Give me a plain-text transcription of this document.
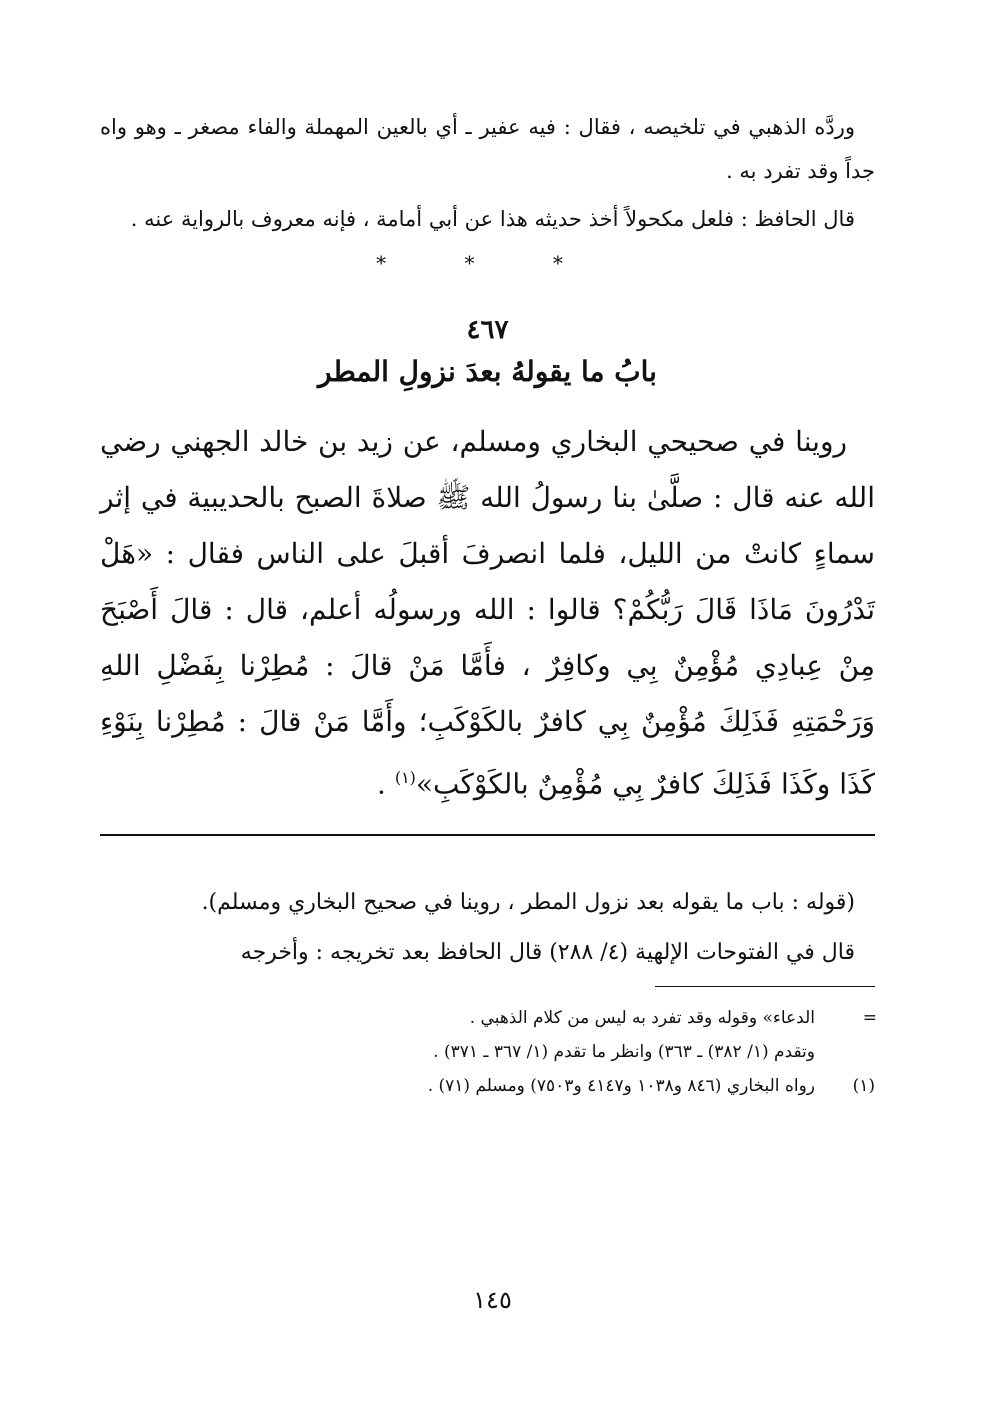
وردَّه الذهبي في تلخيصه ، فقال : فيه عفير ـ أي بالعين المهملة والفاء مصغر ـ وهو واه جداً وقد تفرد به .

قال الحافظ : فلعل مكحولاً أخذ حديثه هذا عن أبي أمامة ، فإنه معروف بالرواية عنه .

* * *
٤٦٧
بابُ ما يقولهُ بعدَ نزولِ المطر

روينا في صحيحي البخاري ومسلم، عن زيد بن خالد الجهني رضي الله عنه قال : صلَّىٰ بنا رسولُ الله ﷺ صلاةَ الصبح بالحديبية في إثر سماءٍ كانتْ من الليل، فلما انصرفَ أقبلَ على الناس فقال : «هَلْ تَدْرُونَ مَاذَا قَالَ رَبُّكُمْ؟ قالوا : الله ورسولُه أعلم، قال : قالَ أَصْبَحَ مِنْ عِبادِي مُؤْمِنٌ بِي وكافِرٌ ، فأَمَّا مَنْ قالَ : مُطِرْنا بِفَضْلِ اللهِ وَرَحْمَتِهِ فَذَلِكَ مُؤْمِنٌ بِي كافرٌ بالكَوْكَبِ؛ وأَمَّا مَنْ قالَ : مُطِرْنا بِنَوْءِ كَذَا وكَذَا فَذَلِكَ كافرٌ بِي مُؤْمِنٌ بالكَوْكَبِ»$^{(١)}$ .

(قوله : باب ما يقوله بعد نزول المطر ، روينا في صحيح البخاري ومسلم).

قال في الفتوحات الإلهية (٤/ ٢٨٨) قال الحافظ بعد تخريجه : وأخرجه

=
الدعاء» وقوله وقد تفرد به ليس من كلام الذهبي .

وتقدم (١/ ٣٨٢) ـ ٣٦٣) وانظر ما تقدم (١/ ٣٦٧ ـ ٣٧١) .

(١)
رواه البخاري (٨٤٦ و١٠٣٨ و٤١٤٧ و٧٥٠٣) ومسلم (٧١) .

١٤٥
